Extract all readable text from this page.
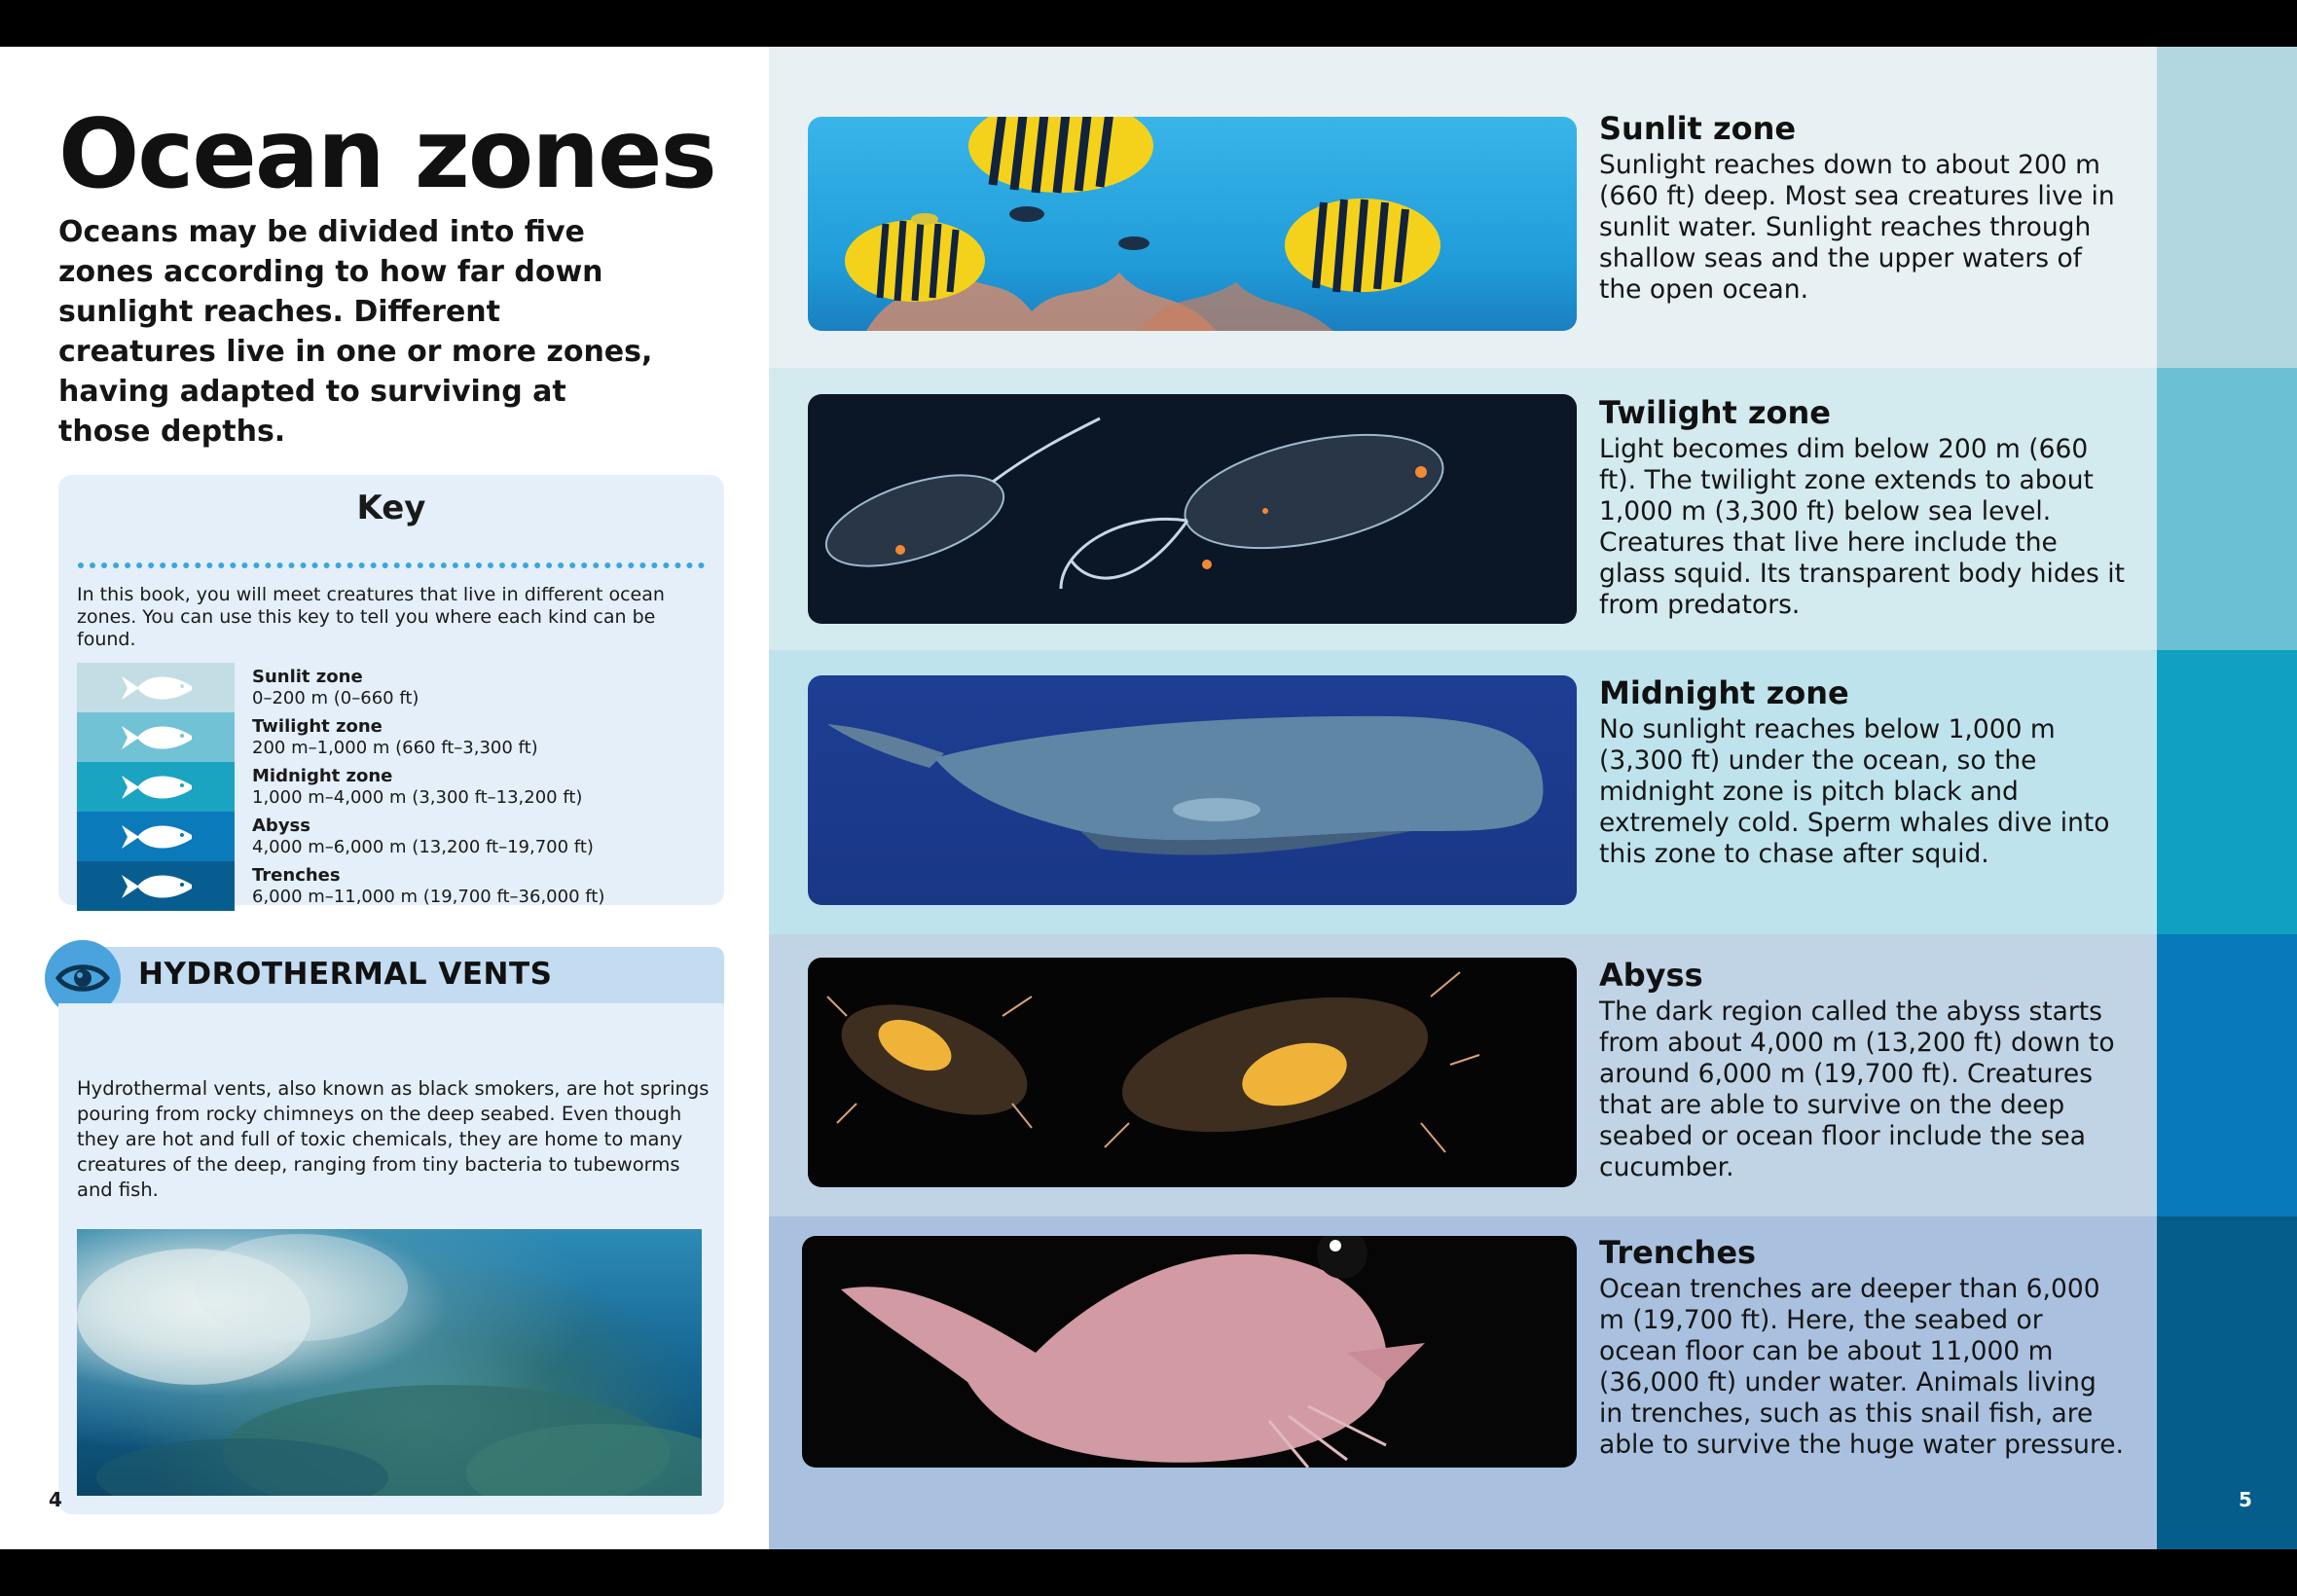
Ocean zones

Oceans may be divided into five zones according to how far down sunlight reaches. Different creatures live in one or more zones, having adapted to surviving at those depths.

Key

In this book, you will meet creatures that live in different ocean zones. You can use this key to tell you where each kind can be found.

Sunlit zone

0–200 m (0–660 ft)

Twilight zone

200 m–1,000 m (660 ft–3,300 ft)

Midnight zone

1,000 m–4,000 m (3,300 ft–13,200 ft)

Abyss

4,000 m–6,000 m (13,200 ft–19,700 ft)

Trenches

6,000 m–11,000 m (19,700 ft–36,000 ft)

HYDROTHERMAL VENTS

Hydrothermal vents, also known as black smokers, are hot springs pouring from rocky chimneys on the deep seabed. Even though they are hot and full of toxic chemicals, they are home to many creatures of the deep, ranging from tiny bacteria to tubeworms and fish.

4

Sunlit zone

Sunlight reaches down to about 200 m (660 ft) deep. Most sea creatures live in sunlit water. Sunlight reaches through shallow seas and the upper waters of the open ocean.

Twilight zone

Light becomes dim below 200 m (660 ft). The twilight zone extends to about 1,000 m (3,300 ft) below sea level. Creatures that live here include the glass squid. Its transparent body hides it from predators.

Midnight zone

No sunlight reaches below 1,000 m (3,300 ft) under the ocean, so the midnight zone is pitch black and extremely cold. Sperm whales dive into this zone to chase after squid.

Abyss

The dark region called the abyss starts from about 4,000 m (13,200 ft) down to around 6,000 m (19,700 ft). Creatures that are able to survive on the deep seabed or ocean floor include the sea cucumber.

Trenches

Ocean trenches are deeper than 6,000 m (19,700 ft). Here, the seabed or ocean floor can be about 11,000 m (36,000 ft) under water. Animals living in trenches, such as this snail fish, are able to survive the huge water pressure.

5
